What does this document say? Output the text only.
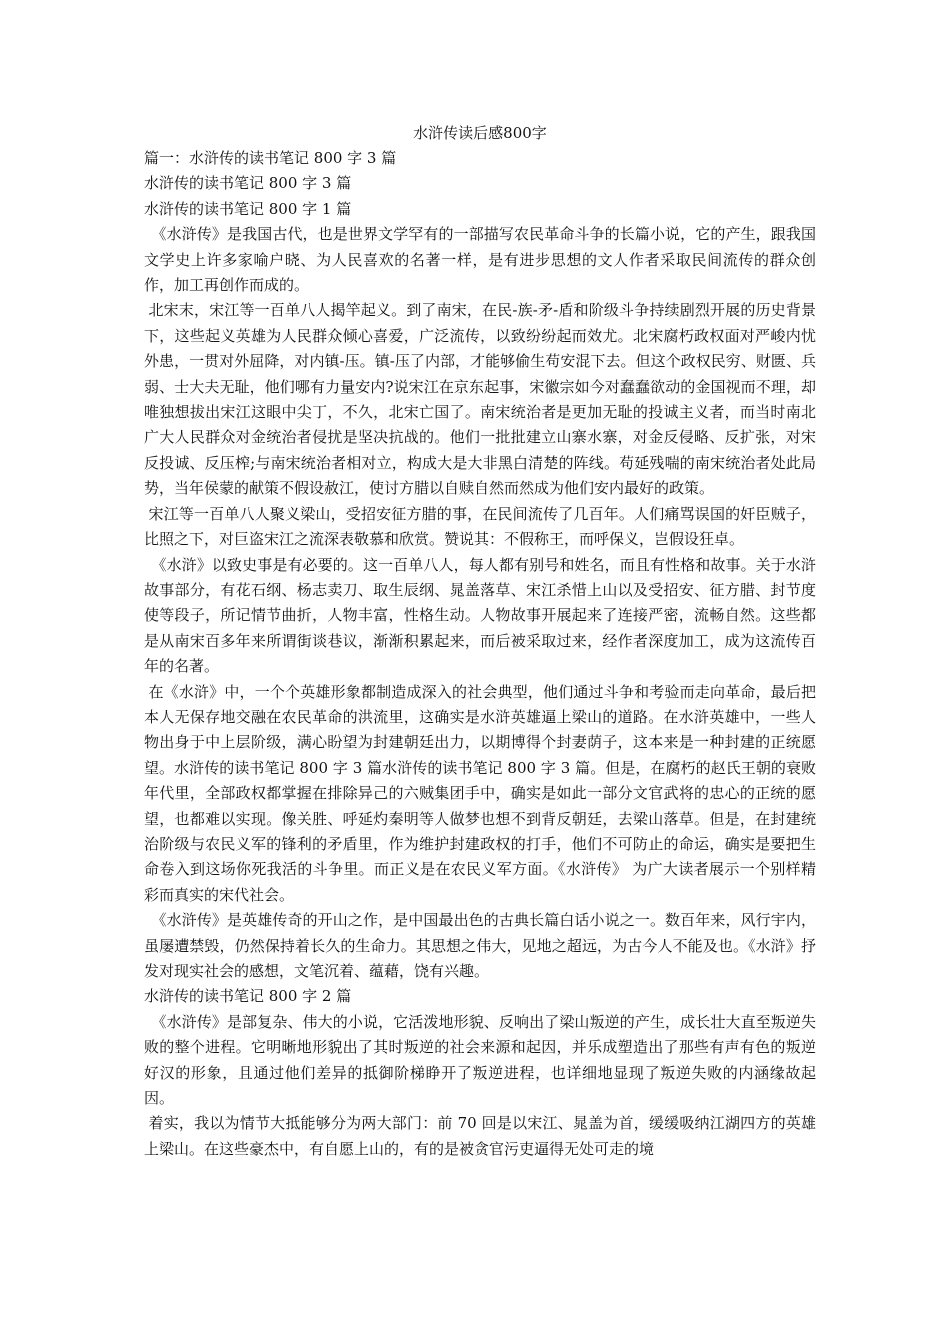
水浒传读后感800字

篇一：水浒传的读书笔记 800 字 3 篇

水浒传的读书笔记 800 字 3 篇

水浒传的读书笔记 800 字 1 篇

《水浒传》是我国古代，也是世界文学罕有的一部描写农民革命斗争的长篇小说，它的产生，跟我国文学史上许多家喻户晓、为人民喜欢的名著一样，是有进步思想的文人作者采取民间流传的群众创作，加工再创作而成的。

北宋末，宋江等一百单八人揭竿起义。到了南宋，在民-族-矛-盾和阶级斗争持续剧烈开展的历史背景下，这些起义英雄为人民群众倾心喜爱，广泛流传，以致纷纷起而效尤。北宋腐朽政权面对严峻内忧外患，一贯对外屈降，对内镇-压。镇-压了内部，才能够偷生苟安混下去。但这个政权民穷、财匮、兵弱、士大夫无耻，他们哪有力量安内?说宋江在京东起事，宋徽宗如今对蠢蠢欲动的金国视而不理，却唯独想拔出宋江这眼中尖丁，不久，北宋亡国了。南宋统治者是更加无耻的投诚主义者，而当时南北广大人民群众对金统治者侵扰是坚决抗战的。他们一批批建立山寨水寨，对金反侵略、反扩张，对宋反投诚、反压榨;与南宋统治者相对立，构成大是大非黑白清楚的阵线。苟延残喘的南宋统治者处此局势，当年侯蒙的献策不假设赦江，使讨方腊以自赎自然而然成为他们安内最好的政策。

宋江等一百单八人聚义梁山，受招安征方腊的事，在民间流传了几百年。人们痛骂误国的奸臣贼子，比照之下，对巨盗宋江之流深表敬慕和欣赏。赞说其：不假称王，而呼保义，岂假设狂卓。

《水浒》以致史事是有必要的。这一百单八人，每人都有别号和姓名，而且有性格和故事。关于水浒故事部分，有花石纲、杨志卖刀、取生辰纲、晁盖落草、宋江杀惜上山以及受招安、征方腊、封节度使等段子，所记情节曲折，人物丰富，性格生动。人物故事开展起来了连接严密，流畅自然。这些都是从南宋百多年来所谓街谈巷议，渐渐积累起来，而后被采取过来，经作者深度加工，成为这流传百年的名著。

在《水浒》中，一个个英雄形象都制造成深入的社会典型，他们通过斗争和考验而走向革命，最后把本人无保存地交融在农民革命的洪流里，这确实是水浒英雄逼上梁山的道路。在水浒英雄中，一些人物出身于中上层阶级，满心盼望为封建朝廷出力，以期博得个封妻荫子，这本来是一种封建的正统愿望。水浒传的读书笔记 800 字 3 篇水浒传的读书笔记 800 字 3 篇。但是，在腐朽的赵氏王朝的衰败年代里，全部政权都掌握在排除异己的六贼集团手中，确实是如此一部分文官武将的忠心的正统的愿望，也都难以实现。像关胜、呼延灼秦明等人做梦也想不到背反朝廷，去梁山落草。但是，在封建统治阶级与农民义军的锋利的矛盾里，作为维护封建政权的打手，他们不可防止的命运，确实是要把生命卷入到这场你死我活的斗争里。而正义是在农民义军方面。《水浒传》 为广大读者展示一个别样精彩而真实的宋代社会。

《水浒传》是英雄传奇的开山之作，是中国最出色的古典长篇白话小说之一。数百年来，风行宇内，虽屡遭禁毁，仍然保持着长久的生命力。其思想之伟大，见地之超远，为古今人不能及也。《水浒》抒发对现实社会的感想，文笔沉着、蕴藉，饶有兴趣。

水浒传的读书笔记 800 字 2 篇

《水浒传》是部复杂、伟大的小说，它活泼地形貌、反响出了梁山叛逆的产生，成长壮大直至叛逆失败的整个进程。它明晰地形貌出了其时叛逆的社会来源和起因，并乐成塑造出了那些有声有色的叛逆好汉的形象，且通过他们差异的抵御阶梯睁开了叛逆进程，也详细地显现了叛逆失败的内涵缘故起因。

着实，我以为情节大抵能够分为两大部门：前 70 回是以宋江、晁盖为首，缓缓吸纳江湖四方的英雄上梁山。在这些豪杰中，有自愿上山的，有的是被贪官污吏逼得无处可走的境
